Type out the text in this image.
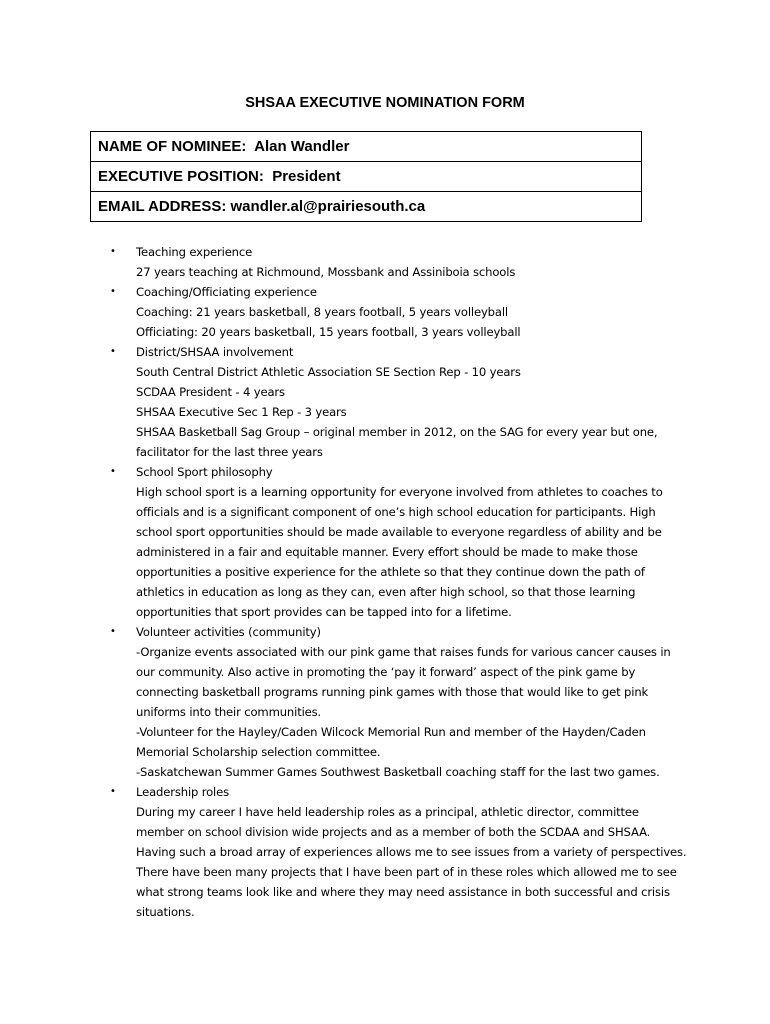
SHSAA EXECUTIVE NOMINATION FORM
NAME OF NOMINEE: Alan Wandler
EXECUTIVE POSITION: President
EMAIL ADDRESS: wandler.al@prairiesouth.ca
• Teaching experience
27 years teaching at Richmound, Mossbank and Assiniboia schools
• Coaching/Officiating experience
Coaching: 21 years basketball, 8 years football, 5 years volleyball
Officiating: 20 years basketball, 15 years football, 3 years volleyball
• District/SHSAA involvement
South Central District Athletic Association SE Section Rep - 10 years
SCDAA President - 4 years
SHSAA Executive Sec 1 Rep - 3 years
SHSAA Basketball Sag Group – original member in 2012, on the SAG for every year but one,
facilitator for the last three years
• School Sport philosophy
High school sport is a learning opportunity for everyone involved from athletes to coaches to
officials and is a significant component of one’s high school education for participants. High
school sport opportunities should be made available to everyone regardless of ability and be
administered in a fair and equitable manner. Every effort should be made to make those
opportunities a positive experience for the athlete so that they continue down the path of
athletics in education as long as they can, even after high school, so that those learning
opportunities that sport provides can be tapped into for a lifetime.
• Volunteer activities (community)
-Organize events associated with our pink game that raises funds for various cancer causes in
our community. Also active in promoting the ‘pay it forward’ aspect of the pink game by
connecting basketball programs running pink games with those that would like to get pink
uniforms into their communities.
-Volunteer for the Hayley/Caden Wilcock Memorial Run and member of the Hayden/Caden
Memorial Scholarship selection committee.
-Saskatchewan Summer Games Southwest Basketball coaching staff for the last two games.
• Leadership roles
During my career I have held leadership roles as a principal, athletic director, committee
member on school division wide projects and as a member of both the SCDAA and SHSAA.
Having such a broad array of experiences allows me to see issues from a variety of perspectives.
There have been many projects that I have been part of in these roles which allowed me to see
what strong teams look like and where they may need assistance in both successful and crisis
situations.
